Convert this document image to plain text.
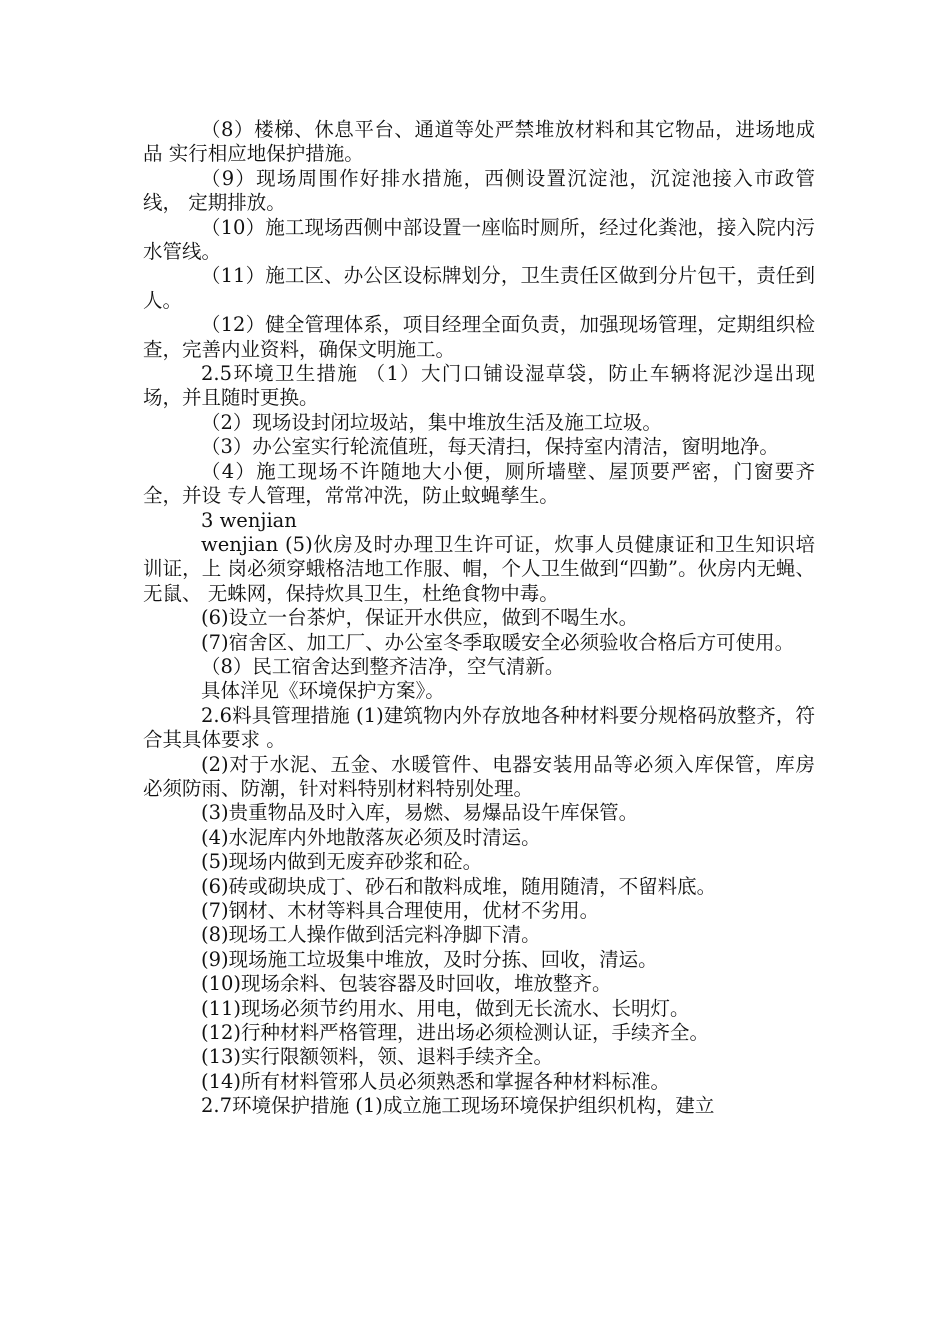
（8）楼梯、休息平台、通道等处严禁堆放材料和其它物品，进场地成品 实行相应地保护措施。

（9）现场周围作好排水措施，西侧设置沉淀池，沉淀池接入市政管线， 定期排放。

（10）施工现场西侧中部设置一座临时厕所，经过化粪池，接入院内污 水管线。

（11）施工区、办公区设标牌划分，卫生责任区做到分片包干，责任到 人。

（12）健全管理体系，项目经理全面负责，加强现场管理，定期组织检 查，完善内业资料，确保文明施工。

2.5环境卫生措施 （1）大门口铺设湿草袋，防止车辆将泥沙逞出现场，并且随时更换。

（2）现场设封闭垃圾站，集中堆放生活及施工垃圾。

（3）办公室实行轮流值班，每天清扫，保持室内清洁，窗明地净。

（4）施工现场不许随地大小便，厕所墙壁、屋顶要严密，门窗要齐全，并设 专人管理，常常冲洗，防止蚊蝇孳生。

3 wenjian

wenjian (5)伙房及时办理卫生许可证，炊事人员健康证和卫生知识培训证，上 岗必须穿蛾格洁地工作服、帽，个人卫生做到“四勤”。伙房内无蝇、无鼠、 无蛛网，保持炊具卫生，杜绝食物中毒。

(6)设立一台茶炉，保证开水供应，做到不喝生水。

(7)宿舍区、加工厂、办公室冬季取暖安全必须验收合格后方可使用。

（8）民工宿舍达到整齐洁净，空气清新。

具体洋见《环境保护方案》。

2.6料具管理措施 (1)建筑物内外存放地各种材料要分规格码放整齐，符合其具体要求 。

(2)对于水泥、五金、水暖管件、电器安装用品等必须入库保管，库房 必须防雨、防潮，针对料特别材料特别处理。

(3)贵重物品及时入库，易燃、易爆品设午库保管。

(4)水泥库内外地散落灰必须及时清运。

(5)现场内做到无废弃砂浆和砼。

(6)砖或砌块成丁、砂石和散料成堆，随用随清，不留料底。

(7)钢材、木材等料具合理使用，优材不劣用。

(8)现场工人操作做到活完料净脚下清。

(9)现场施工垃圾集中堆放，及时分拣、回收，清运。

(10)现场余料、包装容器及时回收，堆放整齐。

(11)现场必须节约用水、用电，做到无长流水、长明灯。

(12)行种材料严格管理，进出场必须检测认证，手续齐全。

(13)实行限额领料，领、退料手续齐全。

(14)所有材料管邪人员必须熟悉和掌握各种材料标准。

2.7环境保护措施 (1)成立施工现场环境保护组织机构，建立
